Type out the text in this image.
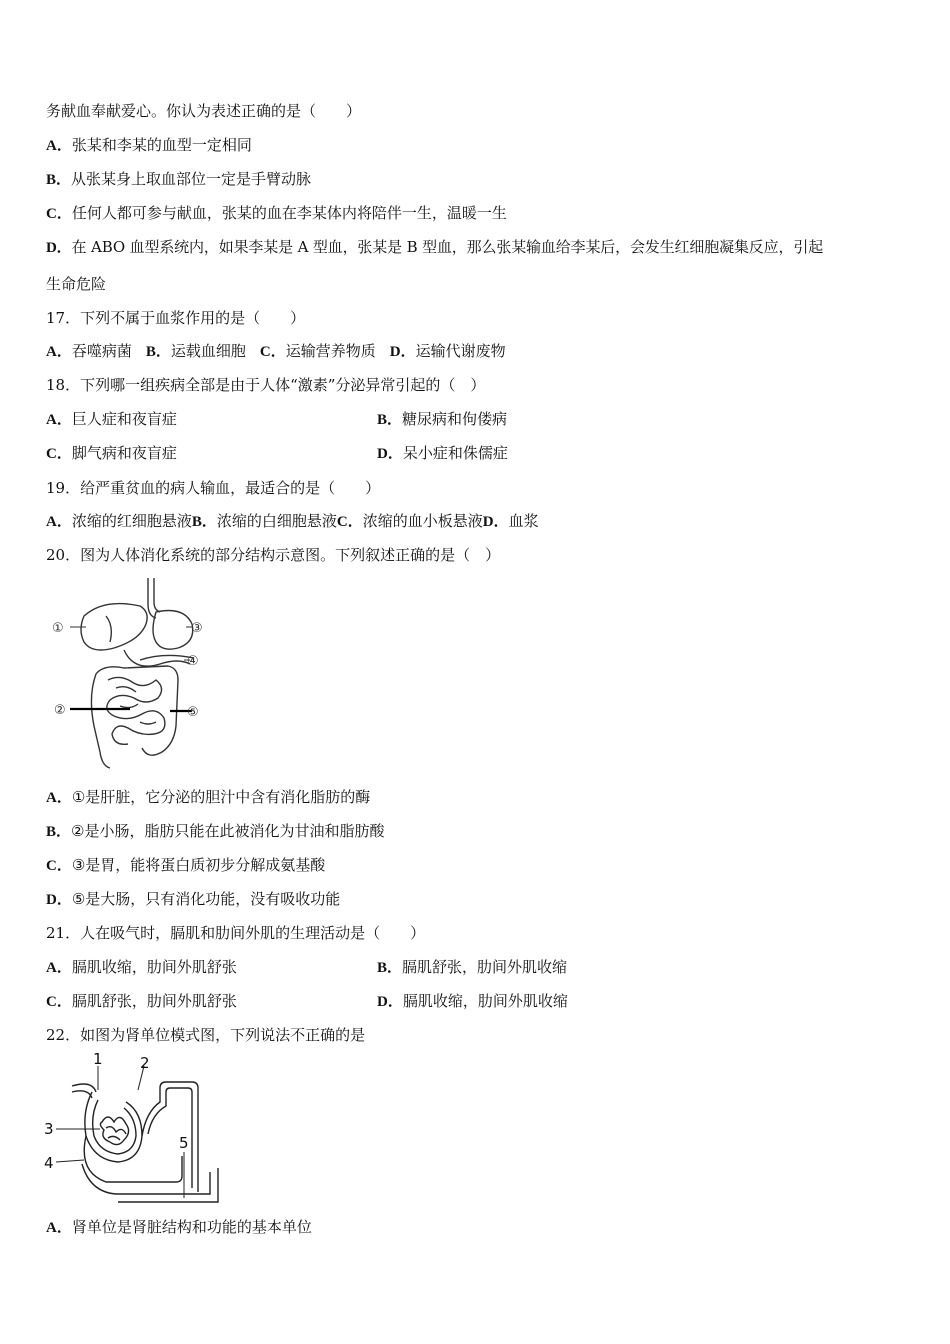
务献血奉献爱心。你认为表述正确的是（　　）
A．张某和李某的血型一定相同
B．从张某身上取血部位一定是手臂动脉
C．任何人都可参与献血，张某的血在李某体内将陪伴一生，温暖一生
D．在 ABO 血型系统内，如果李某是 A 型血，张某是 B 型血，那么张某输血给李某后，会发生红细胞凝集反应，引起
生命危险
17．下列不属于血浆作用的是（　　）
A．吞噬病菌 B．运载血细胞 C．运输营养物质 D．运输代谢废物
18．下列哪一组疾病全部是由于人体“激素”分泌异常引起的（　）
A．巨人症和夜盲症	B．糖尿病和佝偻病
C．脚气病和夜盲症	D．呆小症和侏儒症
19．给严重贫血的病人输血，最适合的是（　　）
A．浓缩的红细胞悬液B．浓缩的白细胞悬液C．浓缩的血小板悬液D．血浆
20．图为人体消化系统的部分结构示意图。下列叙述正确的是（　）
①
②
③
④
⑤
A．①是肝脏，它分泌的胆汁中含有消化脂肪的酶
B．②是小肠，脂肪只能在此被消化为甘油和脂肪酸
C．③是胃，能将蛋白质初步分解成氨基酸
D．⑤是大肠，只有消化功能，没有吸收功能
21．人在吸气时，膈肌和肋间外肌的生理活动是（　　）
A．膈肌收缩，肋间外肌舒张	B．膈肌舒张，肋间外肌收缩
C．膈肌舒张，肋间外肌舒张	D．膈肌收缩，肋间外肌收缩
22．如图为肾单位模式图，下列说法不正确的是
1 2
3
4
5
A．肾单位是肾脏结构和功能的基本单位
